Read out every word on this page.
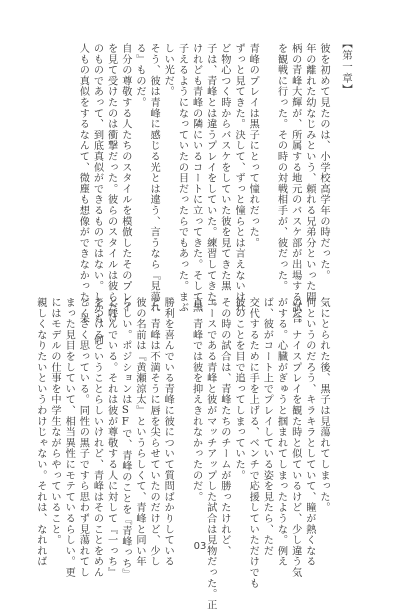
【第一章】
彼を初めて見たのは、小学校高学年の時だった。
年の離れた幼なじみという、頼れる兄弟分といった間
柄の青峰大輝が、所属する地元のバスケ部が出場する試合
を観戦に行った。その時の対戦相手が、彼だった。

青峰のプレイは黒子にとって憧れだった。
ずっと見てきた。決して、ずっと憧らとは言えないけれ
ど物心つく時からバスケをしていた彼を見てきた黒
子は、青峰とは違うプレイをしていた。練習してきた。
けれども青峰の隣にいるコートに立ってきた。そして黒
子えるようになっていたの目だったらでもあった。まぶ
しい光だ。
そう、彼は青峰に感じる光とは違う、言うなら『見蕩れ
る』ものだ。
自分の尊敬する人たちのスタイルを模倣したそのプレイ
を見て受けたのは衝撃だった。彼らのスタイルは彼らだけ
のものであって、到底真似ができるものではない。しかも、何
人もの真似をするなんて、微塵も想像ができなかった。呆
気にとられた後、黒子は見蕩れてしまった。
何というのだろう、キラキラとしていて、瞳が熱くなる
のだ。ナイスプレイを観た時と似ているけど、少し違う気
がする。心臓がぎゅうと掴まれてしまったような。例え
ば、彼がコート上でプレイしている姿を見たら、ただ
交代するために手を上げる、ベンチで応援していただけでも
彼のことを目で追ってしまっていた。
その時の試合は、青峰たちのチームが勝ったけれど、
エースである青峰と彼がマッチアップした試合は見物だった。正
直、青峰では彼を抑えきれなかったのだ。

勝利を喜んでいる青峰に彼について質問ばかりしている
と、青峰は不満そうに唇を尖らせていたのだけど、少し
彼の名前は『黄瀬涼太』というらしくて、青峰と同い年
らしい。ポジションはSFで、青峰のことを『青峰っち』
と呼んでいる。それは彼が尊敬する人に対して『一っち』
をつけるということらしいけれど、青峰はそのことをめん
どくさく思っている。同性の黒子ですら思わず見蕩れてし
まった見目をしていて、相当異性にモテているらしい。更
にはモデルの仕事を中学生ながらやっていること。
親しくなりたいというわけじゃない。それは、なれれば	03
